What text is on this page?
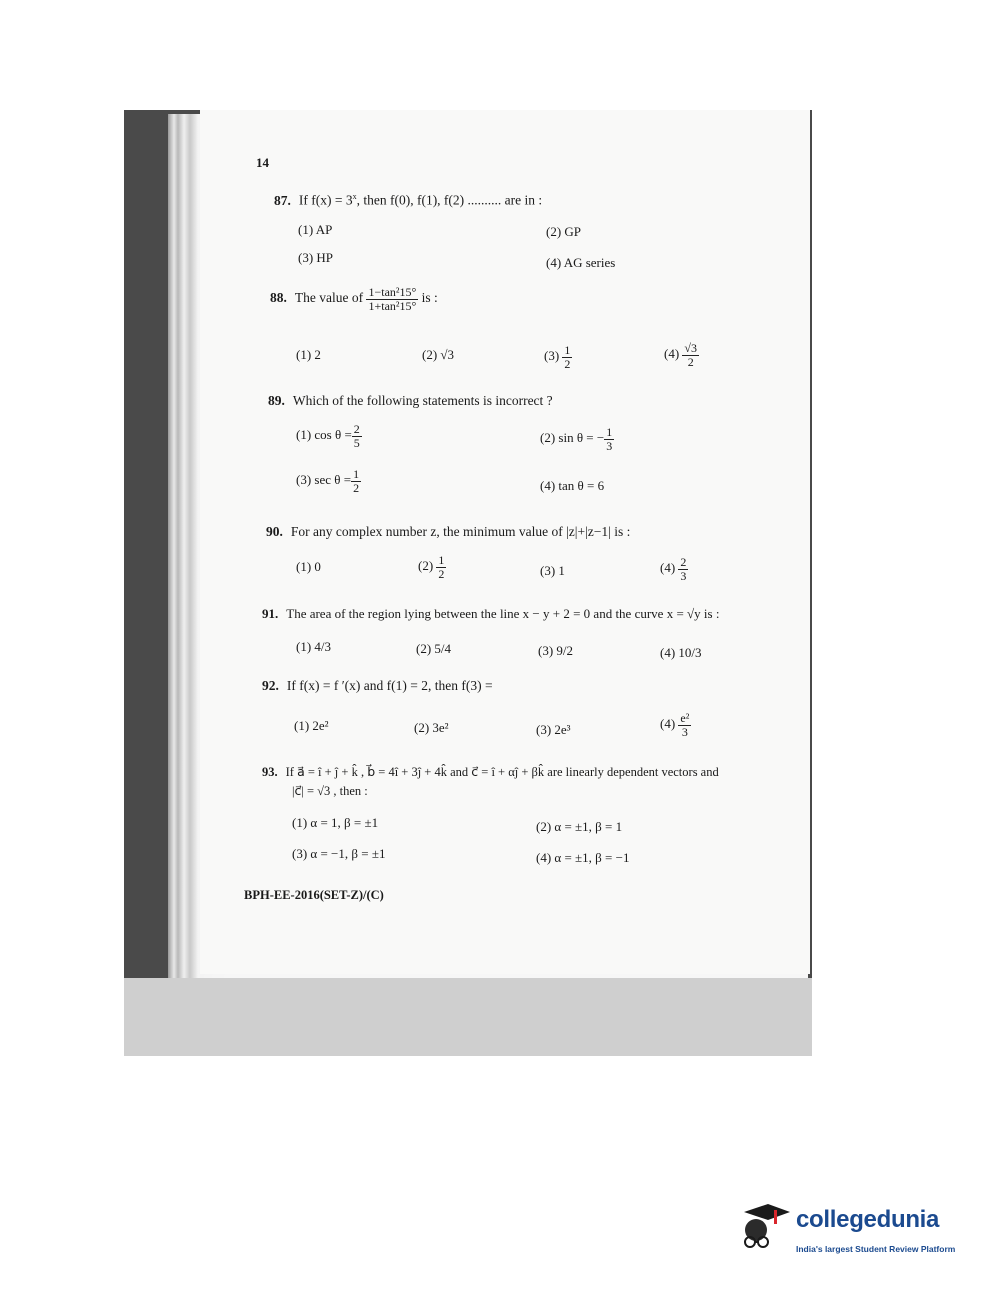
14
87. If $f(x) = 3^x$, then f(0), f(1), f(2) .......... are in :
(1) AP	(2) GP
(3) HP	(4) AG series
88. The value of $\frac{\text{1−tan²15°}}{\text{1+tan²15°}}$ is :
(1) 2	(2) √3	$(3) \frac{1}{2}$	$(4) \frac{√3}{2}$
89. Which of the following statements is incorrect ?
(1) $\cos \theta = \frac{2}{5}$	(2) sin θ = − $\frac{1}{3}$
(3) $\sec \theta = \frac{1}{2}$	(4) tan θ = 6
90. For any complex number z, the minimum value of |z|+|z−1| is :
(1) 0	$(2) \frac{1}{2}$	(3) 1	$(4) \frac{2}{3}$
91. The area of the region lying between the line x − y + 2 = 0 and the curve x = √y is :
(1) 4/3	(2) 5/4	(3) 9/2	(4) 10/3
92. If f(x) = f ′(x) and f(1) = 2, then f(3) =
(1) 2e²	(2) 3e²	(3) 2e³	$(4) \frac{\text{e²}}{3}$
93. If a⃗ = î + ĵ + k̂ , b⃗ = 4î + 3ĵ + 4k̂ and c⃗ = î + αĵ + βk̂ are linearly dependent vectors and
|c⃗| = √3 , then :
(1) α = 1, β = ±1	(2) α = ±1, β = 1
(3) α = −1, β = ±1	(4) α = ±1, β = −1
BPH-EE-2016(SET-Z)/(C)
collegedunia
India's largest Student Review Platform
